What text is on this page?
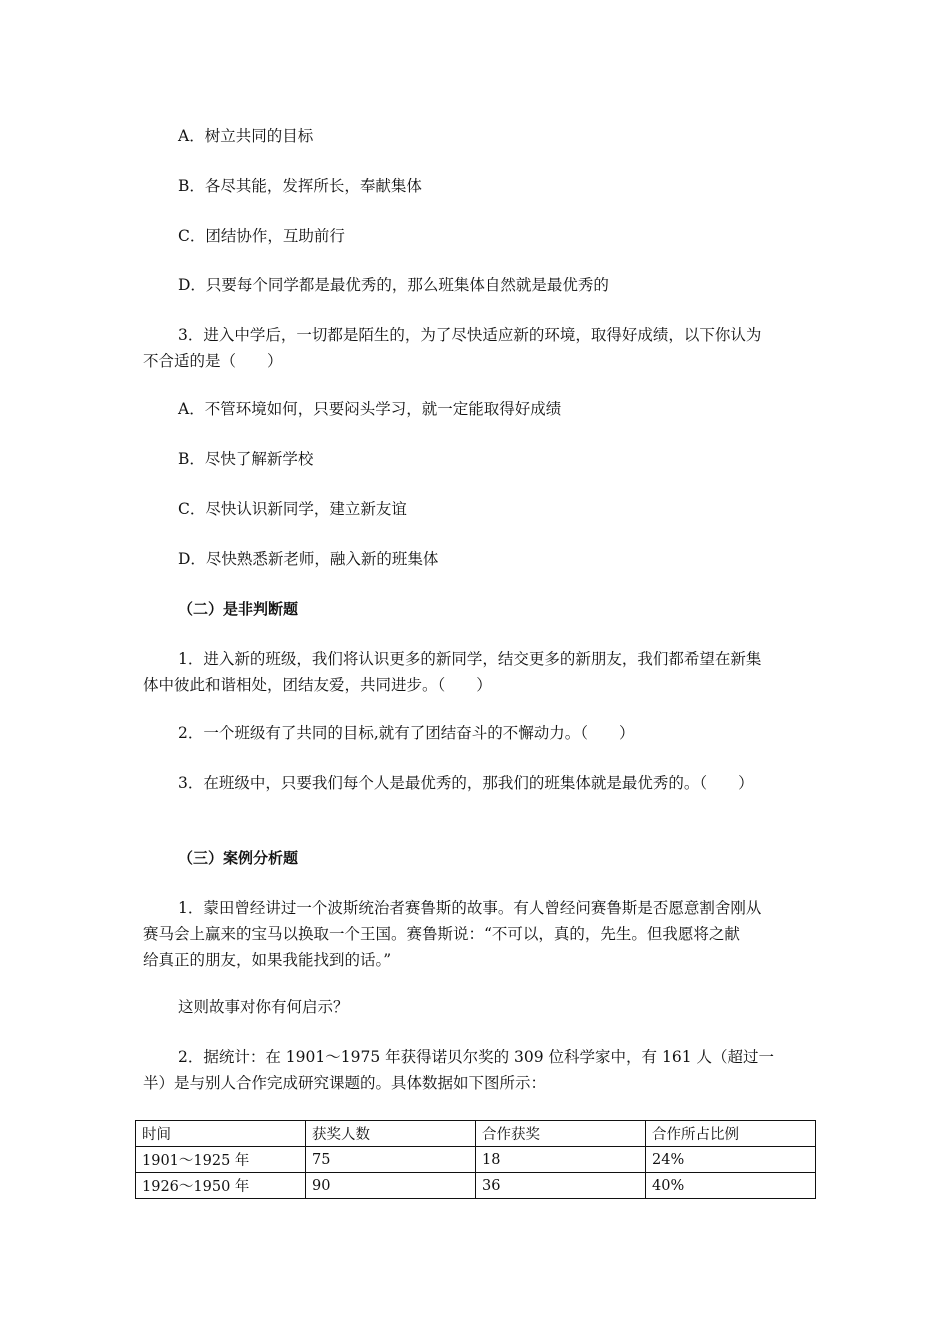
A．树立共同的目标
B．各尽其能，发挥所长，奉献集体
C．团结协作，互助前行
D．只要每个同学都是最优秀的，那么班集体自然就是最优秀的
3．进入中学后，一切都是陌生的，为了尽快适应新的环境，取得好成绩，以下你认为
不合适的是（　　）
A．不管环境如何，只要闷头学习，就一定能取得好成绩
B．尽快了解新学校
C．尽快认识新同学，建立新友谊
D．尽快熟悉新老师，融入新的班集体
（二）是非判断题
1．进入新的班级，我们将认识更多的新同学，结交更多的新朋友，我们都希望在新集
体中彼此和谐相处，团结友爱，共同进步。（　　）
2．一个班级有了共同的目标,就有了团结奋斗的不懈动力。（　　）
3．在班级中，只要我们每个人是最优秀的，那我们的班集体就是最优秀的。（　　）
（三）案例分析题
1．蒙田曾经讲过一个波斯统治者赛鲁斯的故事。有人曾经问赛鲁斯是否愿意割舍刚从
赛马会上赢来的宝马以换取一个王国。赛鲁斯说：“不可以，真的，先生。但我愿将之献
给真正的朋友，如果我能找到的话。”
这则故事对你有何启示？
2．据统计：在 1901～1975 年获得诺贝尔奖的 309 位科学家中，有 161 人（超过一
半）是与别人合作完成研究课题的。具体数据如下图所示：
时间	获奖人数	合作获奖	合作所占比例
1901～1925 年	75	18	24%
1926～1950 年	90	36	40%
